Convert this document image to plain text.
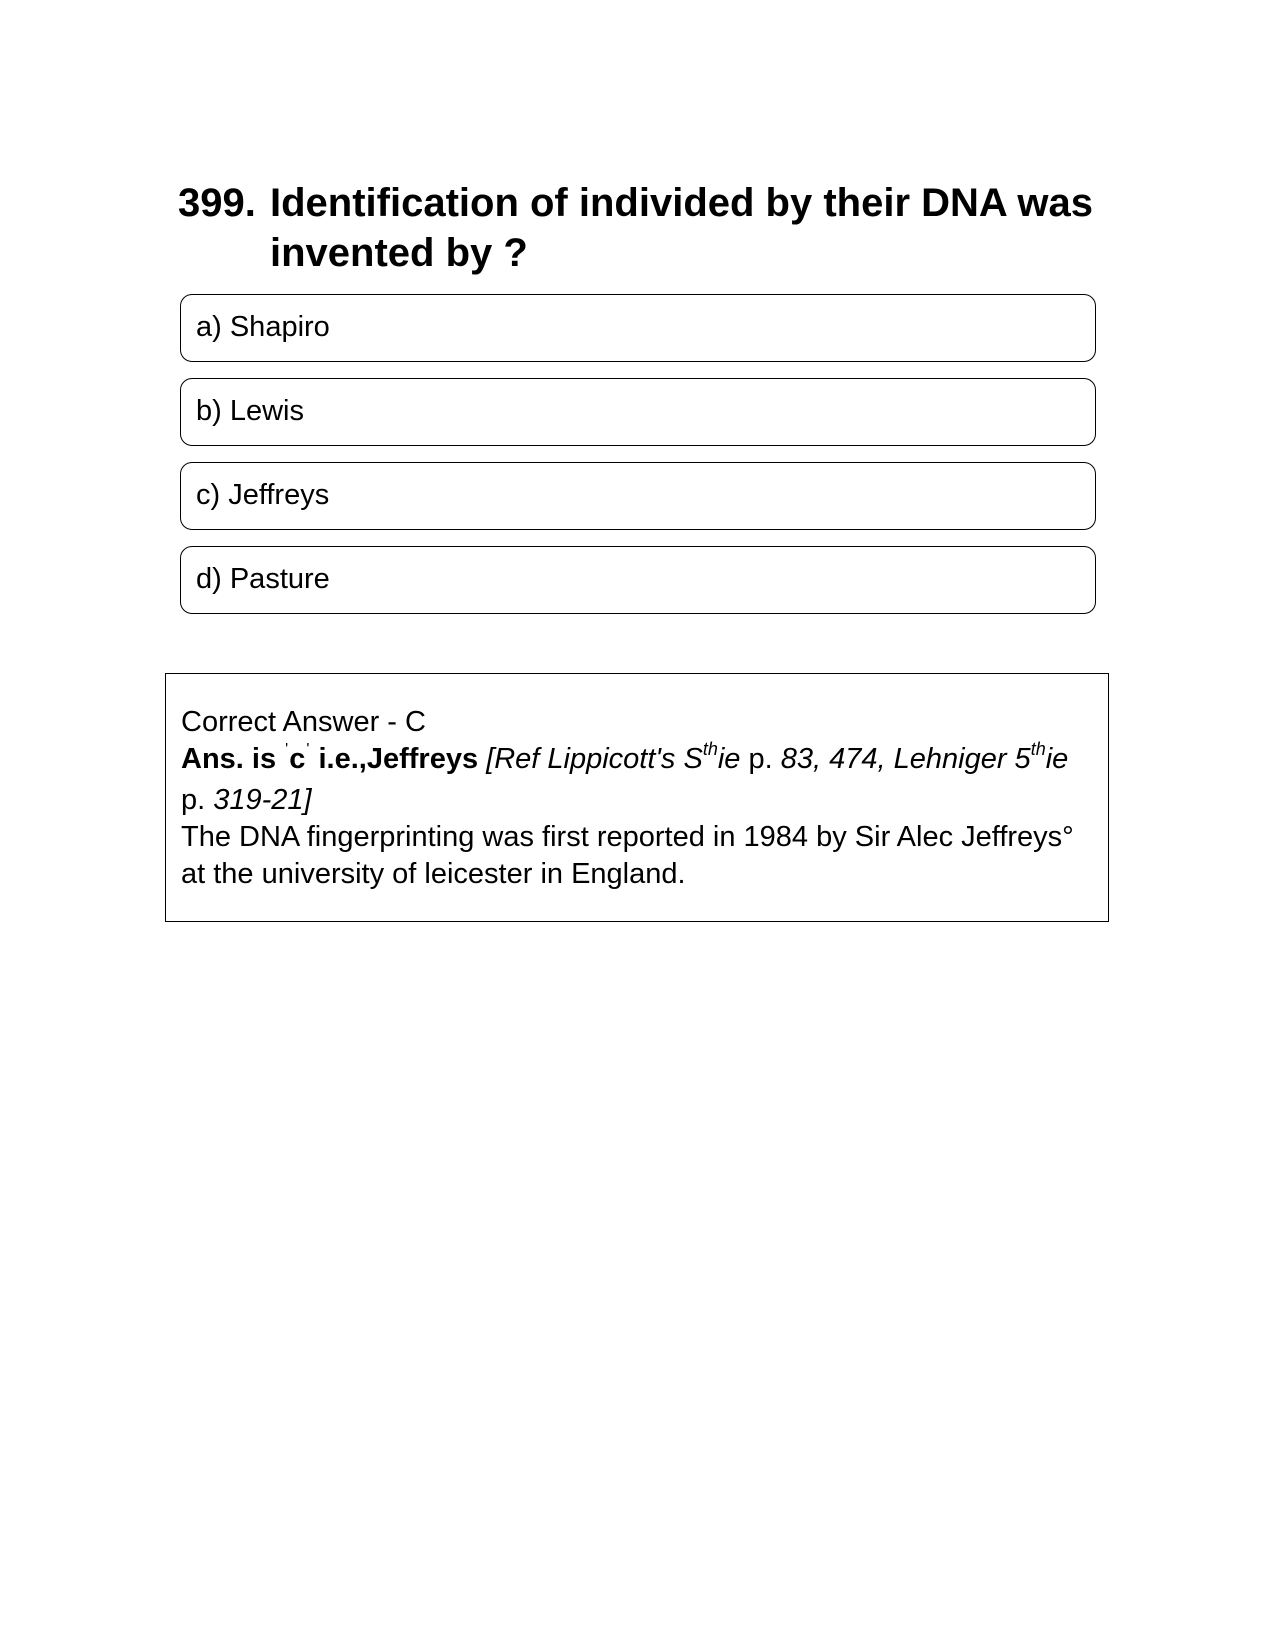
399. Identification of individed by their DNA was invented by ?
a) Shapiro
b) Lewis
c) Jeffreys
d) Pasture

Correct Answer - C

Ans. is 'c' i.e.,Jeffreys [Ref Lippicott's $S^{th}ie$ p. 83, 474, Lehniger 5thie p. 319-21]

The DNA fingerprinting was first reported in 1984 by Sir Alec Jeffreys° at the university of leicester in England.
